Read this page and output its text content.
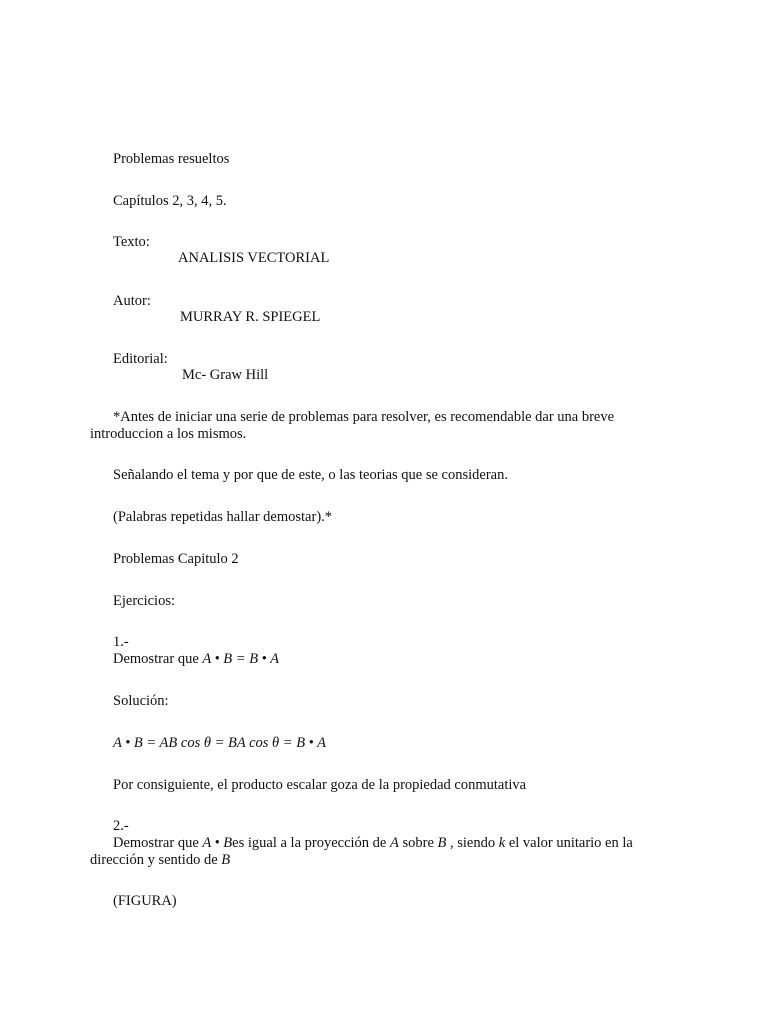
Problemas resueltos
Capítulos 2, 3, 4, 5.
Texto:
ANALISIS VECTORIAL
Autor:
MURRAY R. SPIEGEL
Editorial:
Mc- Graw Hill
*Antes de iniciar una serie de problemas para resolver, es recomendable dar una breve introduccion a los mismos.
Señalando el tema y por que de este, o las teorias que se consideran.
(Palabras repetidas hallar demostar).*
Problemas Capitulo 2
Ejercicios:
1.-
Demostrar que A • B = B • A
Solución:
A • B = AB cos θ = BA cos θ = B • A
Por consiguiente, el producto escalar goza de la propiedad conmutativa
2.-
Demostrar que A • Bes igual a la proyección de A sobre B , siendo k el valor unitario en la
dirección y sentido de B
(FIGURA)
